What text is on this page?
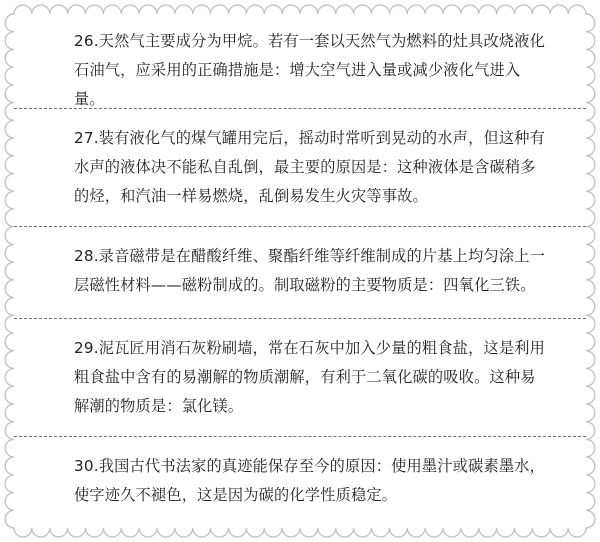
26.天然气主要成分为甲烷。若有一套以天然气为燃料的灶具改烧液化石油气，应采用的正确措施是：增大空气进入量或减少液化气进入量。

27.装有液化气的煤气罐用完后，摇动时常听到晃动的水声，但这种有水声的液体决不能私自乱倒，最主要的原因是：这种液体是含碳稍多的烃，和汽油一样易燃烧，乱倒易发生火灾等事故。

28.录音磁带是在醋酸纤维、聚酯纤维等纤维制成的片基上均匀涂上一层磁性材料——磁粉制成的。制取磁粉的主要物质是：四氧化三铁。

29.泥瓦匠用消石灰粉刷墙，常在石灰中加入少量的粗食盐，这是利用粗食盐中含有的易潮解的物质潮解，有利于二氧化碳的吸收。这种易解潮的物质是：氯化镁。

30.我国古代书法家的真迹能保存至今的原因：使用墨汁或碳素墨水，使字迹久不褪色，这是因为碳的化学性质稳定。
